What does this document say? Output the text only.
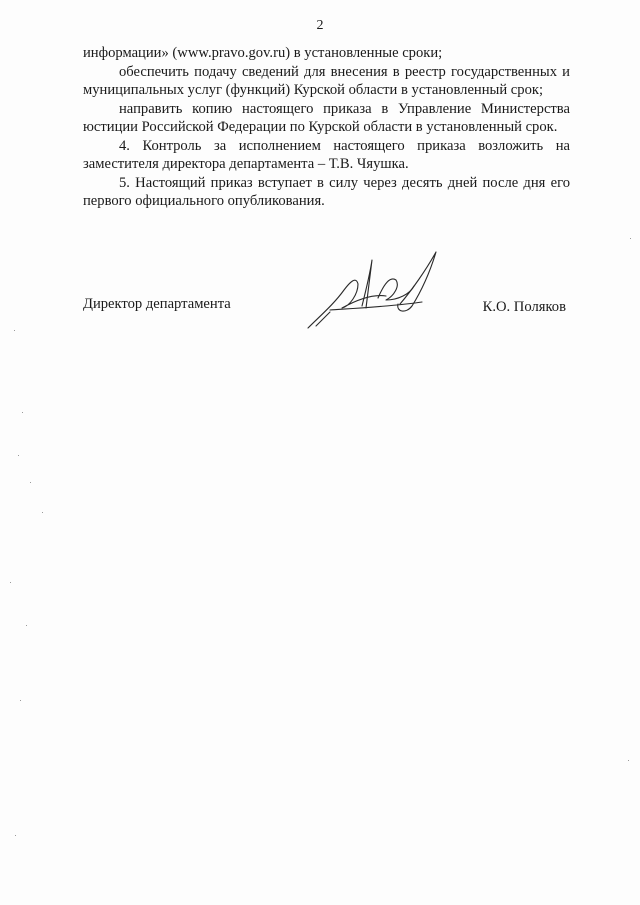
2

информации» (www.pravo.gov.ru) в установленные сроки;

обеспечить подачу сведений для внесения в реестр государственных и муниципальных услуг (функций) Курской области в установленный срок;

направить копию настоящего приказа в Управление Министерства юстиции Российской Федерации по Курской области в установленный срок.

4. Контроль за исполнением настоящего приказа возложить на заместителя директора департамента – Т.В. Чяушка.

5. Настоящий приказ вступает в силу через десять дней после дня его первого официального опубликования.

Директор департамента	К.О. Поляков
